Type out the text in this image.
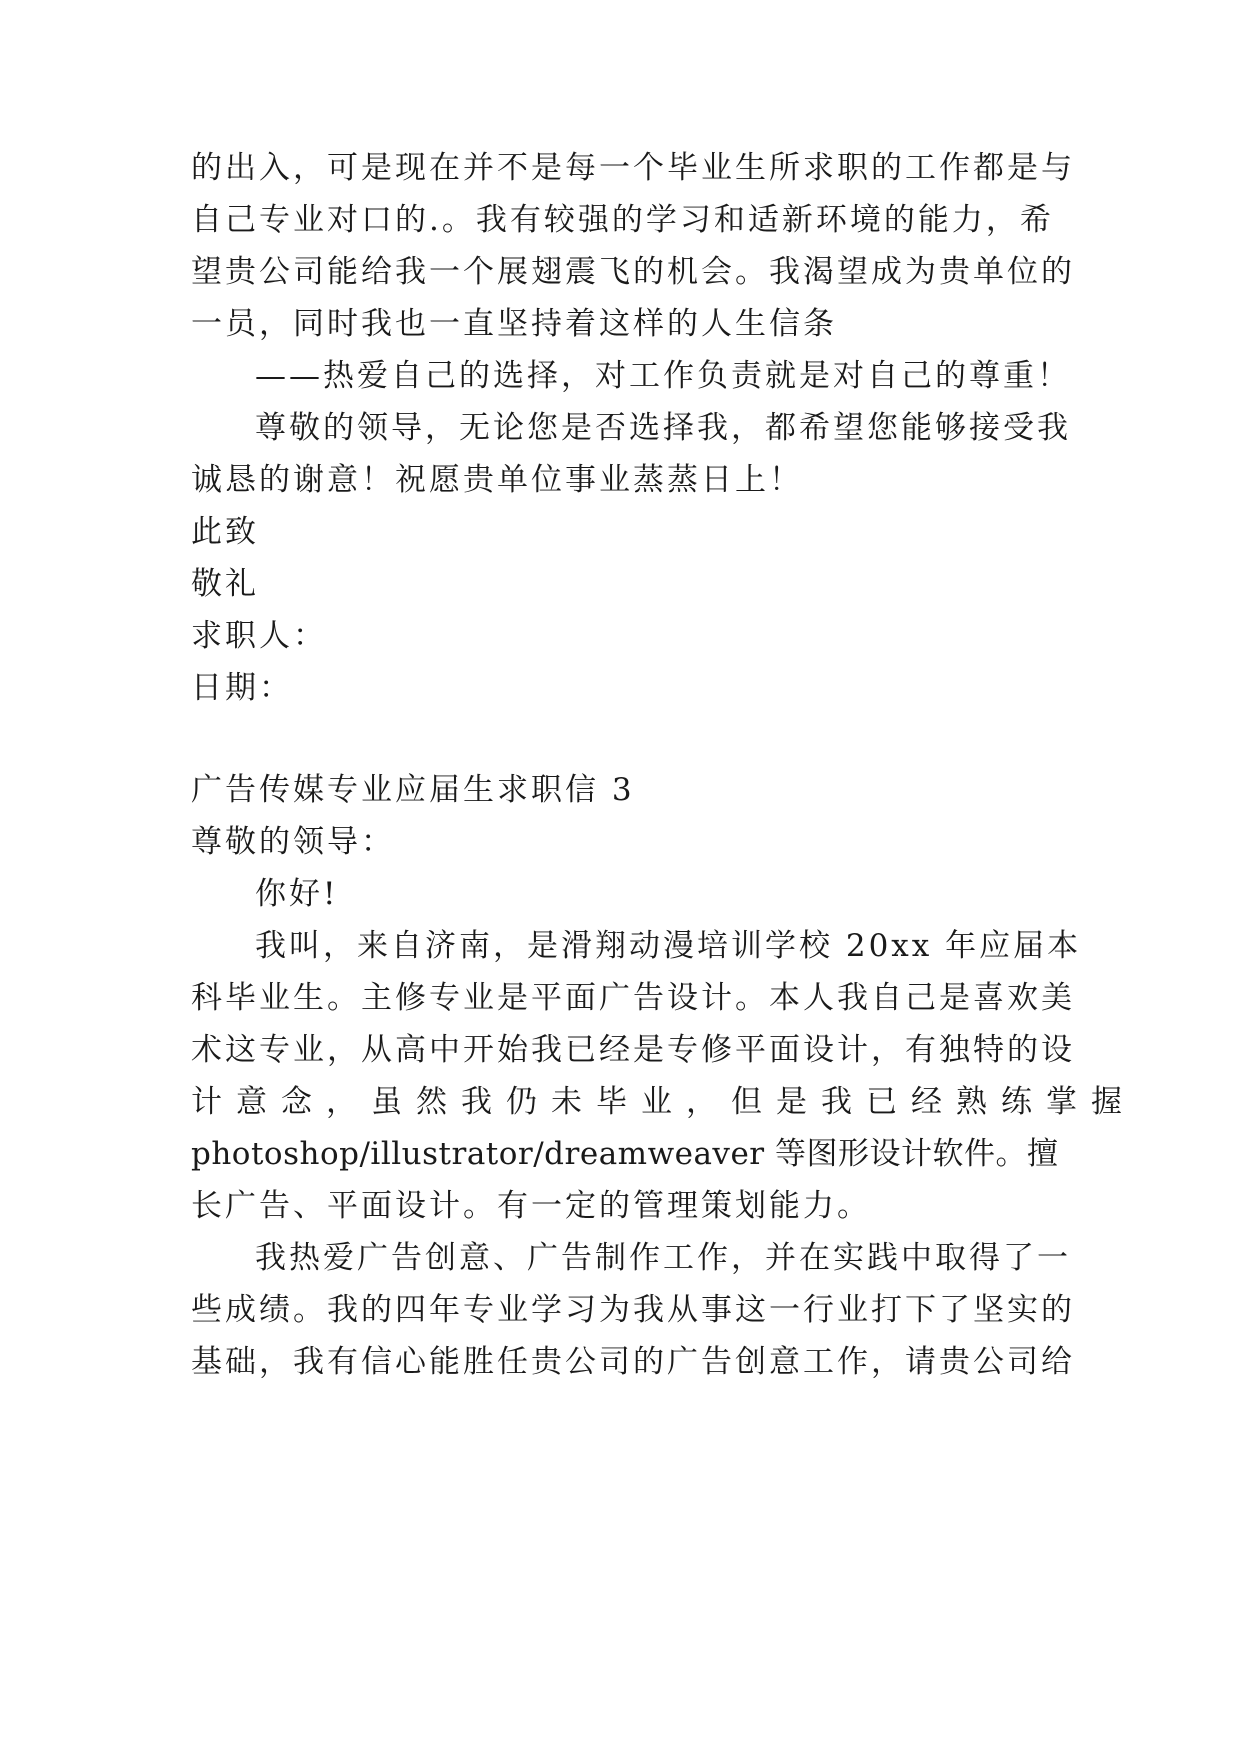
的出入，可是现在并不是每一个毕业生所求职的工作都是与
自己专业对口的.。我有较强的学习和适新环境的能力，希
望贵公司能给我一个展翅震飞的机会。我渴望成为贵单位的
一员，同时我也一直坚持着这样的人生信条
——热爱自己的选择，对工作负责就是对自己的尊重！
尊敬的领导，无论您是否选择我，都希望您能够接受我
诚恳的谢意！祝愿贵单位事业蒸蒸日上！
此致
敬礼
求职人：
日期：
广告传媒专业应届生求职信 3
尊敬的领导：
你好!
我叫，来自济南，是滑翔动漫培训学校 20xx 年应届本
科毕业生。主修专业是平面广告设计。本人我自己是喜欢美
术这专业，从高中开始我已经是专修平面设计，有独特的设
计意念，虽然我仍未毕业，但是我已经熟练掌握
photoshop/illustrator/dreamweaver 等图形设计软件。擅
长广告、平面设计。有一定的管理策划能力。
我热爱广告创意、广告制作工作，并在实践中取得了一
些成绩。我的四年专业学习为我从事这一行业打下了坚实的
基础，我有信心能胜任贵公司的广告创意工作，请贵公司给
